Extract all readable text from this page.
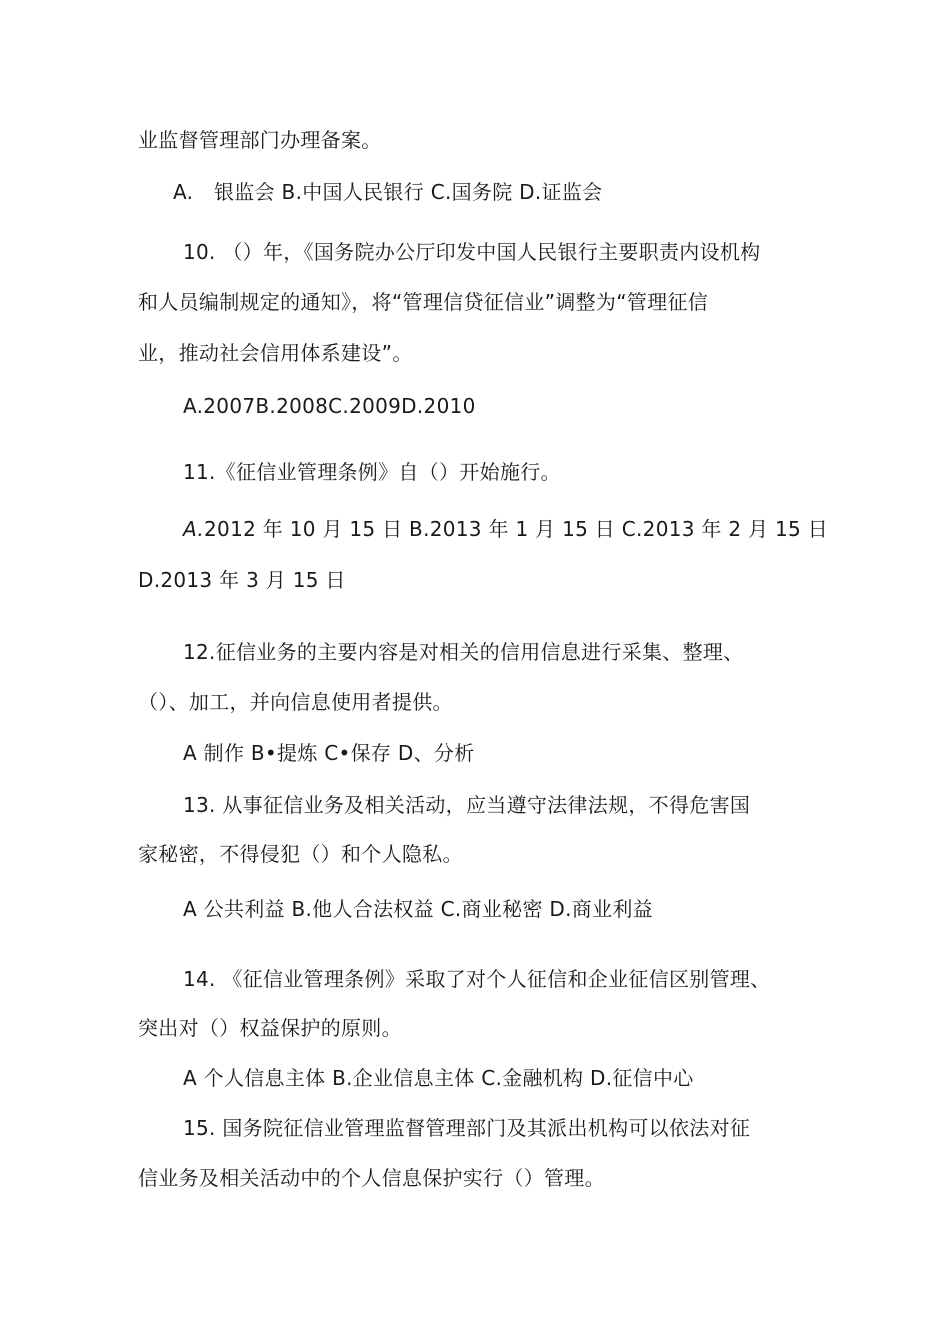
业监督管理部门办理备案。
A. 银监会 B.中国人民银行 C.国务院 D.证监会
10. （）年，《国务院办公厅印发中国人民银行主要职责内设机构
和人员编制规定的通知》，将“管理信贷征信业”调整为“管理征信
业，推动社会信用体系建设”。
A.2007B.2008C.2009D.2010
11.《征信业管理条例》自（）开始施行。
A.2012 年 10 月 15 日 B.2013 年 1 月 15 日 C.2013 年 2 月 15 日
D.2013 年 3 月 15 日
12.征信业务的主要内容是对相关的信用信息进行采集、整理、
（）、加工，并向信息使用者提供。
A 制作 B•提炼 C•保存 D、分析
13. 从事征信业务及相关活动，应当遵守法律法规，不得危害国
家秘密，不得侵犯（）和个人隐私。
A 公共利益 B.他人合法权益 C.商业秘密 D.商业利益
14. 《征信业管理条例》采取了对个人征信和企业征信区别管理、
突出对（）权益保护的原则。
A 个人信息主体 B.企业信息主体 C.金融机构 D.征信中心
15. 国务院征信业管理监督管理部门及其派出机构可以依法对征
信业务及相关活动中的个人信息保护实行（）管理。
